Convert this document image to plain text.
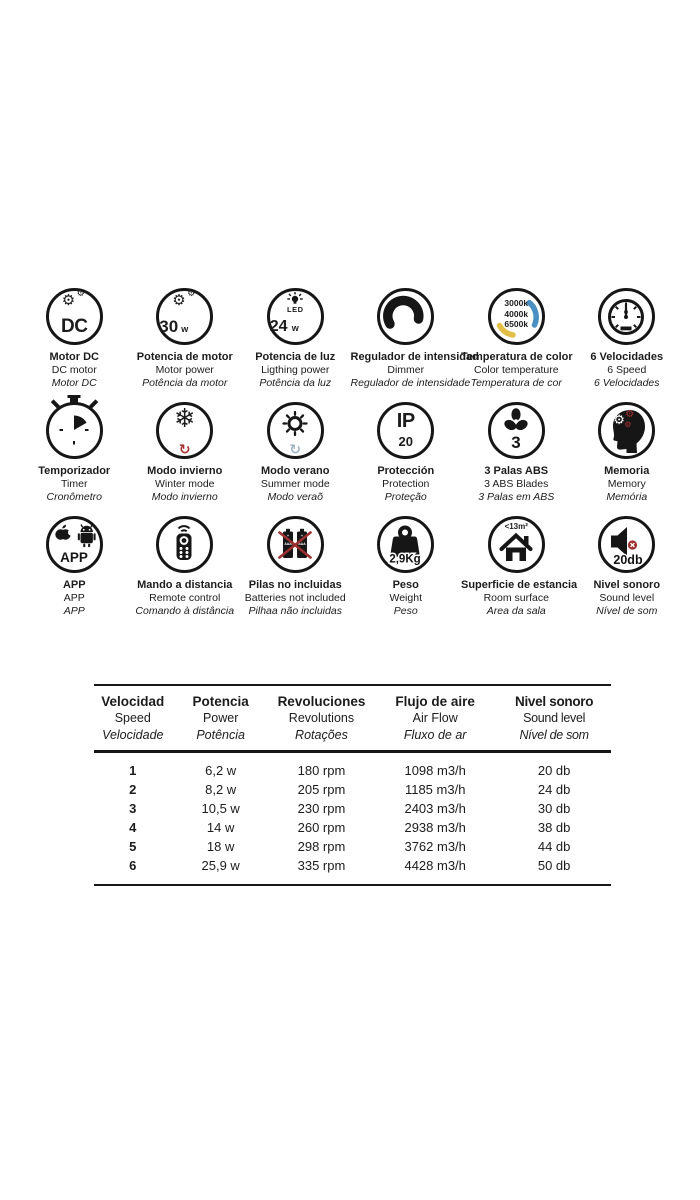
⚙ ⚙
DC
Motor DC
DC motor
Motor DC
⚙ ⚙
30 w
Potencia de motor
Motor power
Potência da motor
LED
24 w
Potencia de luz
Ligthing power
Potência da luz
Regulador de intensidad
Dimmer
Regulador de intensidade
3000k
4000k
6500k
Temperatura de color
Color temperature
Temperatura de cor
6 Velocidades
6 Speed
6 Velocidades
Temporizador
Timer
Cronômetro
❄
↻
Modo invierno
Winter mode
Modo invierno
↻
Modo verano
Summer mode
Modo veraõ
IP
20
Protección
Protection
Proteção
3
3 Palas ABS
3 ABS Blades
3 Palas em ABS
⚙ ⚙
⚙
Memoria
Memory
Memória
APP
APP
APP
APP
Mando a distancia
Remote control
Comando à distância
AAA AAA
+	+
Pilas no incluidas
Batteries not included
Pilhaa não incluidas
2,9Kg
Peso
Weight
Peso
<13m²
Superficie de estancia
Room surface
Area da sala
20db
Nivel sonoro
Sound level
Nível de som
Velocidad
Speed
Velocidade

Potencia
Power
Potência

Revoluciones
Revolutions
Rotações

Flujo de aire
Air Flow
Fluxo de ar

Nivel sonoro
Sound level
Nível de som

1	6,2 w	180 rpm	1098 m3/h	20 db
2	8,2 w	205 rpm	1185 m3/h	24 db
3	10,5 w	230 rpm	2403 m3/h	30 db
4	14 w	260 rpm	2938 m3/h	38 db
5	18 w	298 rpm	3762 m3/h	44 db
6	25,9 w	335 rpm	4428 m3/h	50 db
